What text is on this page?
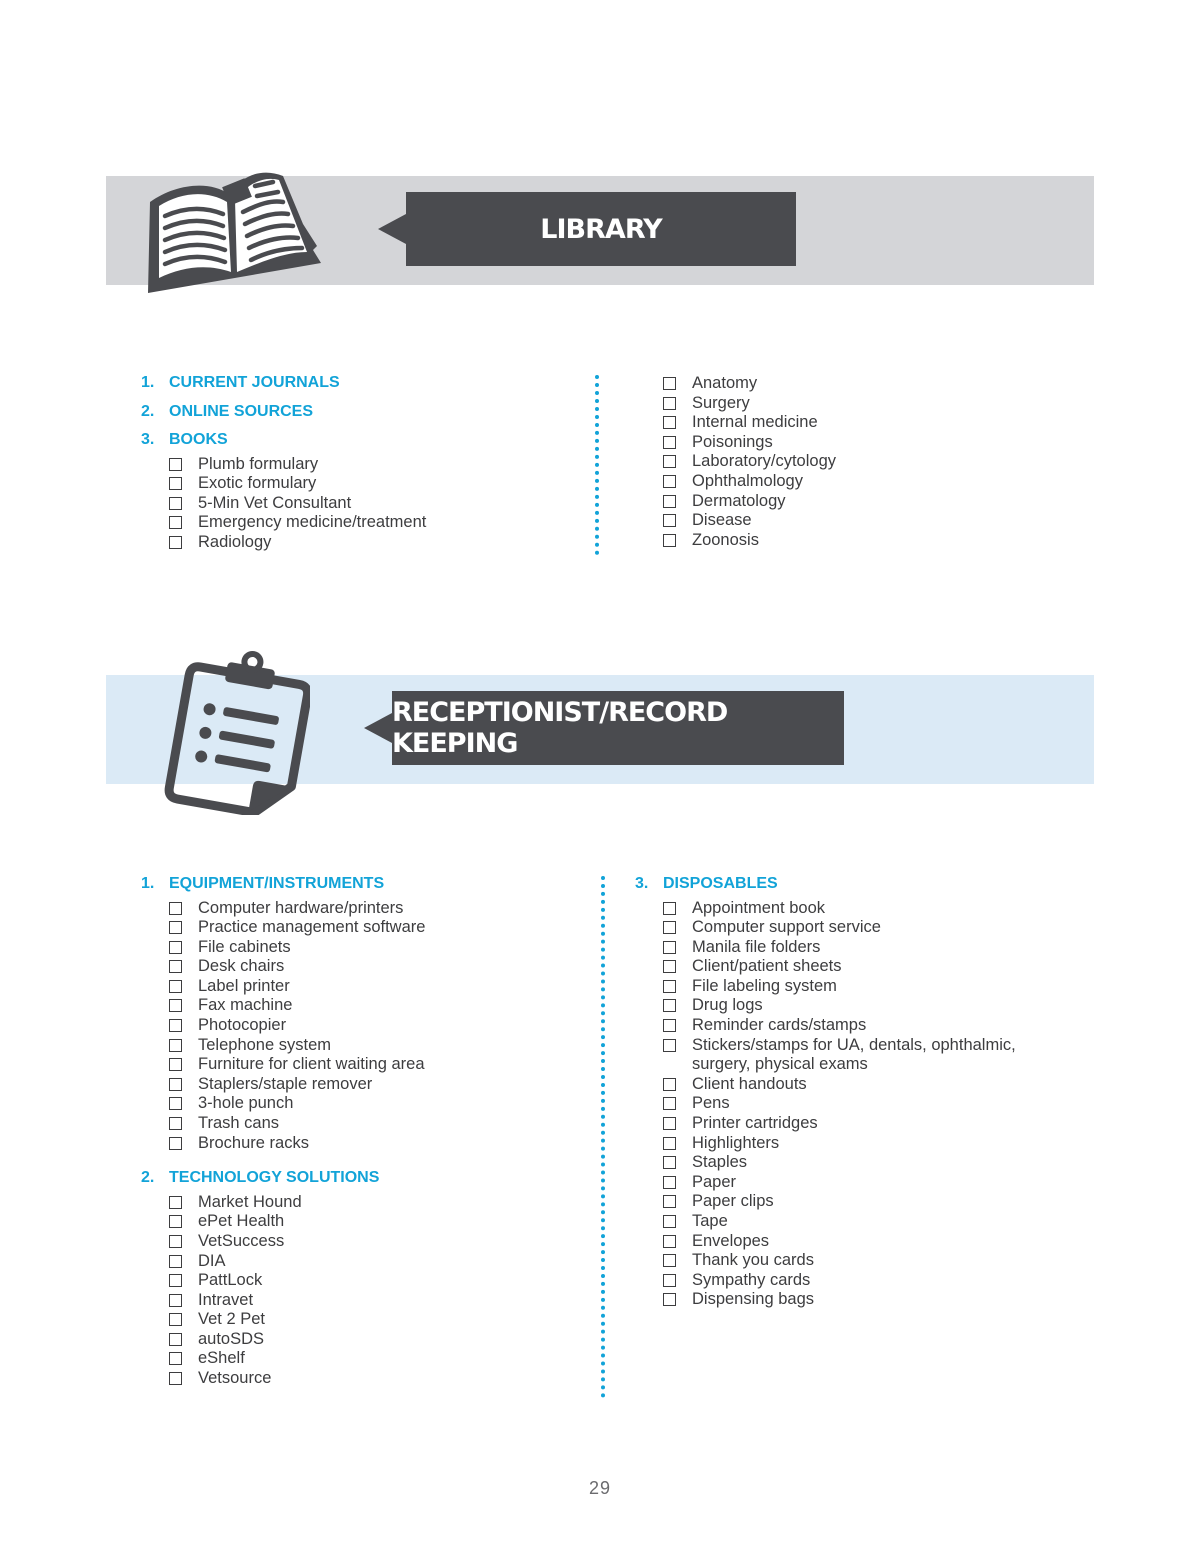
LIBRARY
1. CURRENT JOURNALS
2. ONLINE SOURCES
3. BOOKS
Plumb formulary
Exotic formulary
5-Min Vet Consultant
Emergency medicine/treatment
Radiology
Anatomy
Surgery
Internal medicine
Poisonings
Laboratory/cytology
Ophthalmology
Dermatology
Disease
Zoonosis
RECEPTIONIST/RECORD KEEPING
1. EQUIPMENT/INSTRUMENTS
Computer hardware/printers
Practice management software
File cabinets
Desk chairs
Label printer
Fax machine
Photocopier
Telephone system
Furniture for client waiting area
Staplers/staple remover
3-hole punch
Trash cans
Brochure racks
2. TECHNOLOGY SOLUTIONS
Market Hound
ePet Health
VetSuccess
DIA
PattLock
Intravet
Vet 2 Pet
autoSDS
eShelf
Vetsource
3. DISPOSABLES
Appointment book
Computer support service
Manila file folders
Client/patient sheets
File labeling system
Drug logs
Reminder cards/stamps
Stickers/stamps for UA, dentals, ophthalmic,
surgery, physical exams
Client handouts
Pens
Printer cartridges
Highlighters
Staples
Paper
Paper clips
Tape
Envelopes
Thank you cards
Sympathy cards
Dispensing bags
29
